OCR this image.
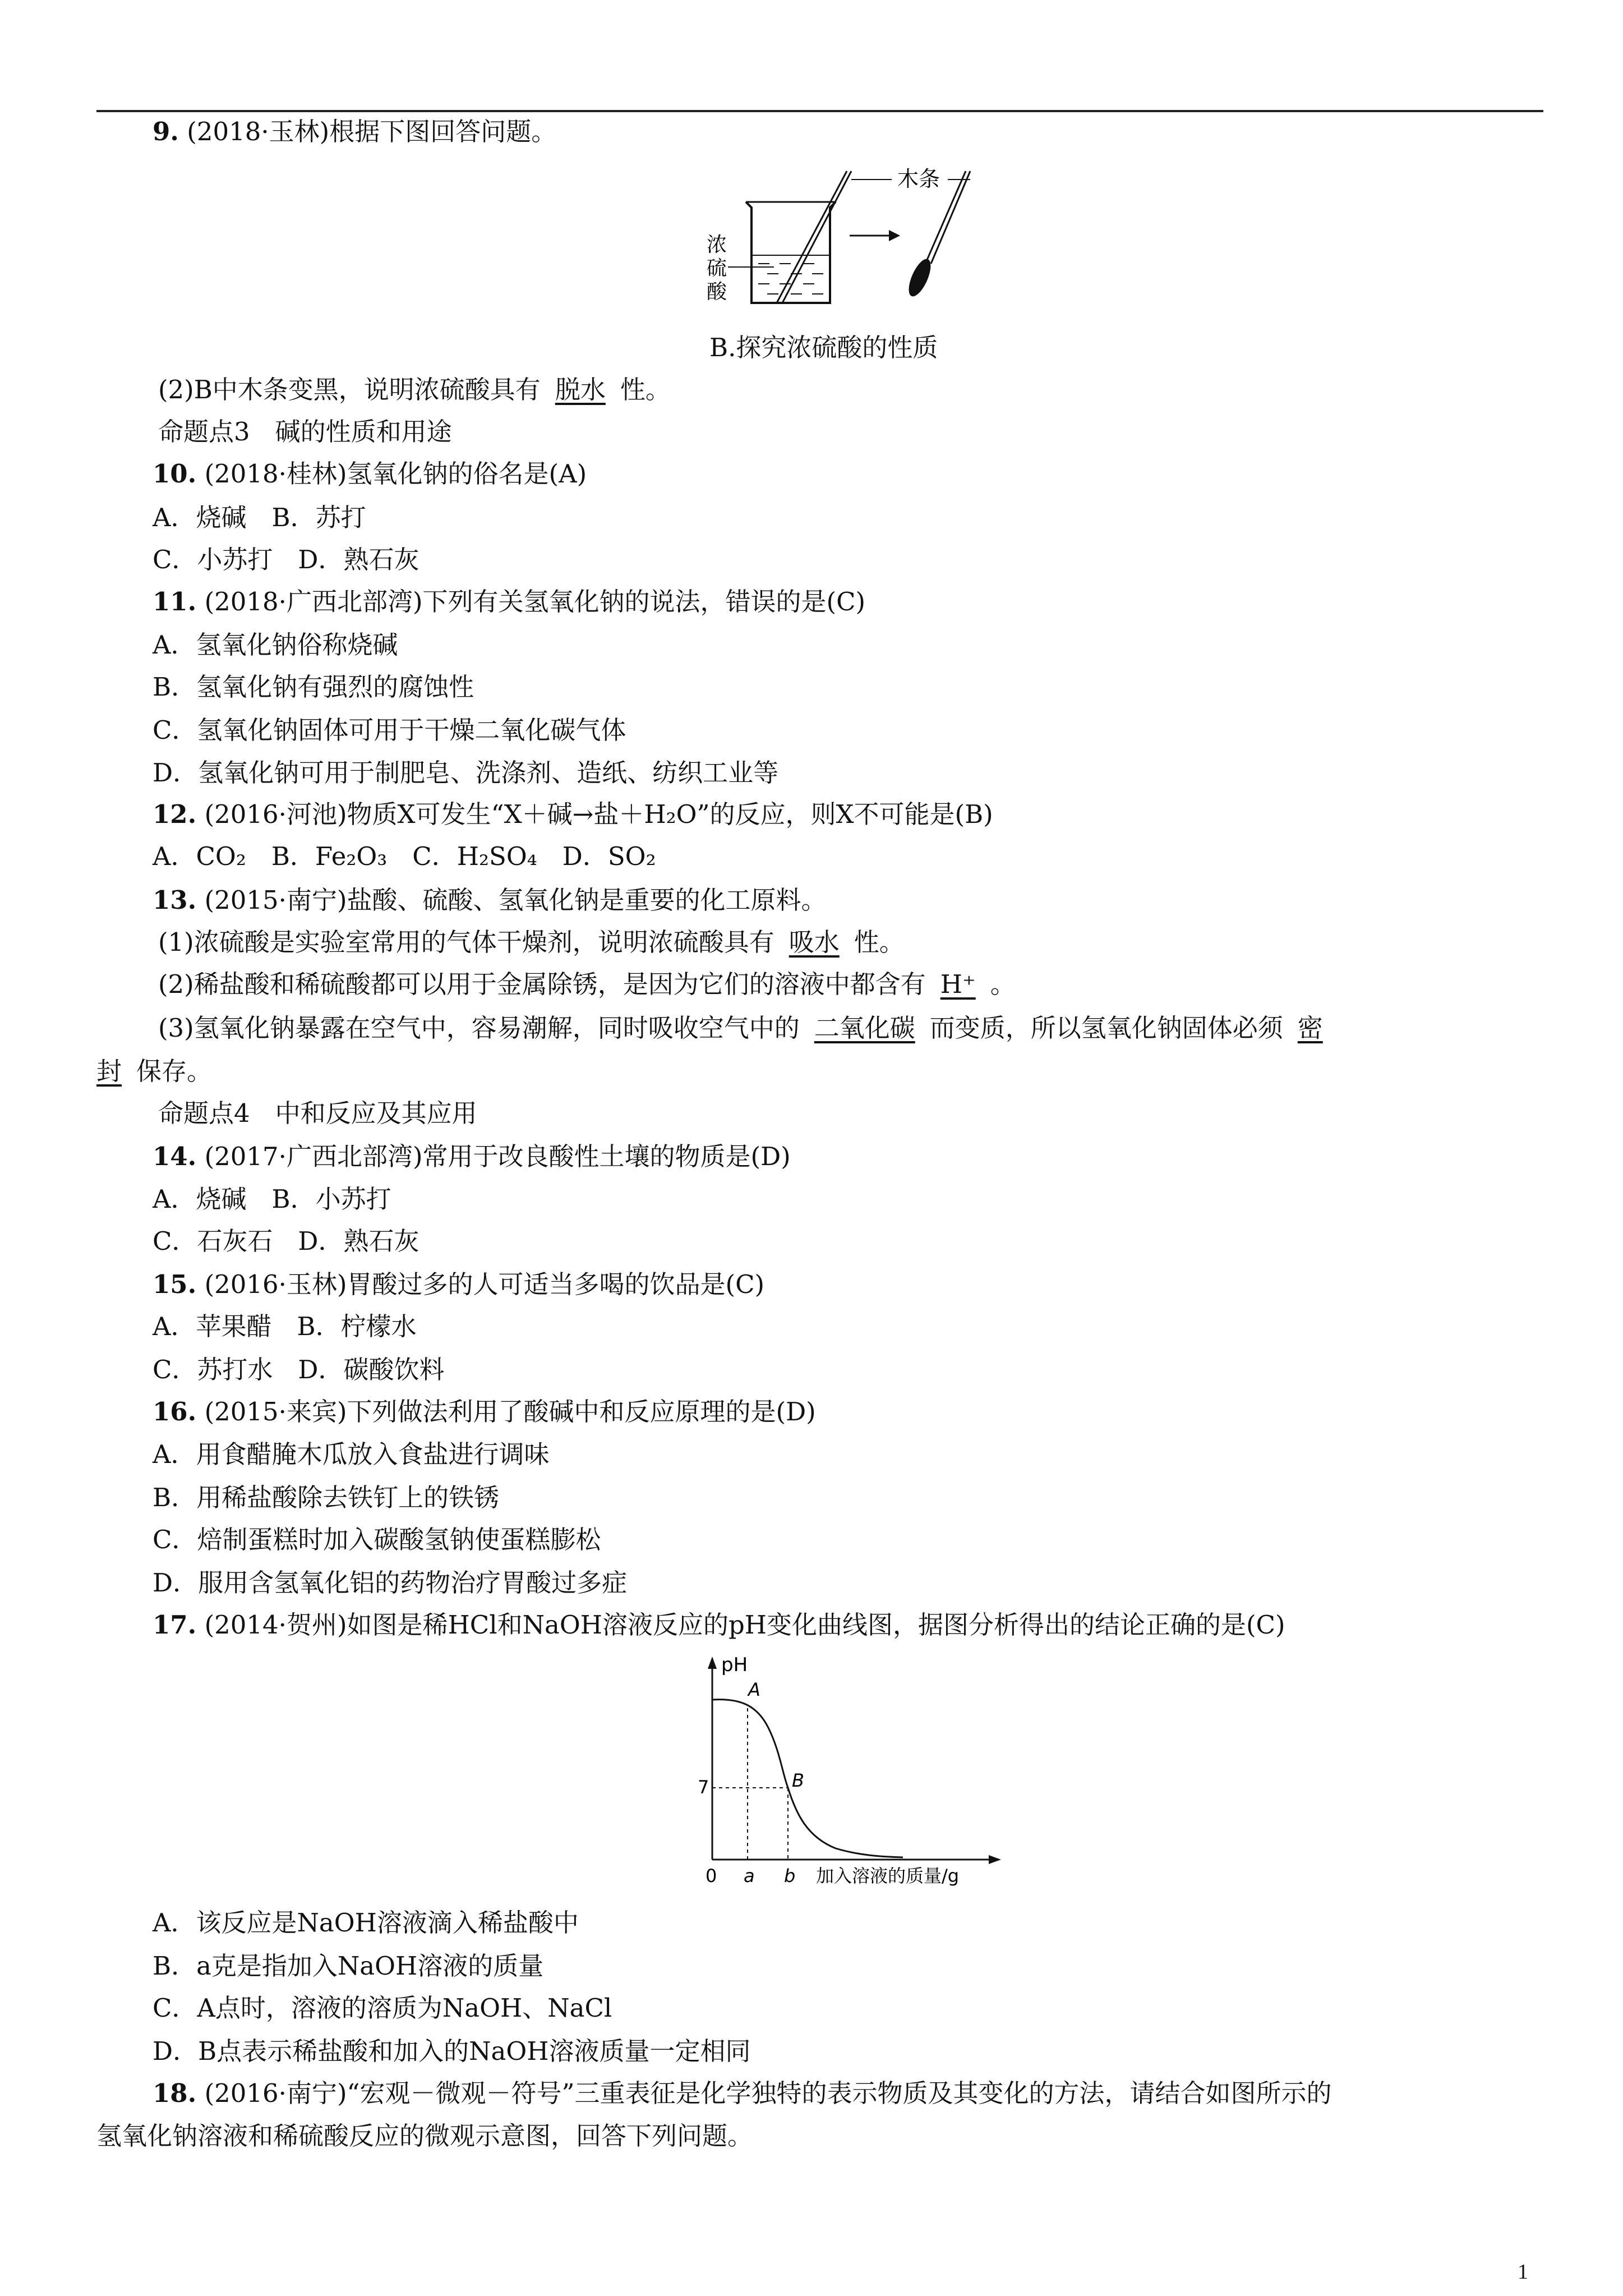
9. (2018·玉林)根据下图回答问题。
木条
浓
硫
酸
B.探究浓硫酸的性质
(2)B中木条变黑，说明浓硫酸具有 脱水 性。
命题点3　碱的性质和用途
10. (2018·桂林)氢氧化钠的俗名是(A)
A．烧碱　B．苏打
C．小苏打　D．熟石灰
11. (2018·广西北部湾)下列有关氢氧化钠的说法，错误的是(C)
A．氢氧化钠俗称烧碱
B．氢氧化钠有强烈的腐蚀性
C．氢氧化钠固体可用于干燥二氧化碳气体
D．氢氧化钠可用于制肥皂、洗涤剂、造纸、纺织工业等
12. (2016·河池)物质X可发生“X＋碱→盐＋H₂O”的反应，则X不可能是(B)
A．CO₂　B．Fe₂O₃　C．H₂SO₄　D．SO₂
13. (2015·南宁)盐酸、硫酸、氢氧化钠是重要的化工原料。
(1)浓硫酸是实验室常用的气体干燥剂，说明浓硫酸具有 吸水 性。
(2)稀盐酸和稀硫酸都可以用于金属除锈，是因为它们的溶液中都含有 H⁺ 。
(3)氢氧化钠暴露在空气中，容易潮解，同时吸收空气中的 二氧化碳 而变质，所以氢氧化钠固体必须 密
封 保存。
命题点4　中和反应及其应用
14. (2017·广西北部湾)常用于改良酸性土壤的物质是(D)
A．烧碱　B．小苏打
C．石灰石　D．熟石灰
15. (2016·玉林)胃酸过多的人可适当多喝的饮品是(C)
A．苹果醋　B．柠檬水
C．苏打水　D．碳酸饮料
16. (2015·来宾)下列做法利用了酸碱中和反应原理的是(D)
A．用食醋腌木瓜放入食盐进行调味
B．用稀盐酸除去铁钉上的铁锈
C．焙制蛋糕时加入碳酸氢钠使蛋糕膨松
D．服用含氢氧化铝的药物治疗胃酸过多症
17. (2014·贺州)如图是稀HCl和NaOH溶液反应的pH变化曲线图，据图分析得出的结论正确的是(C)
pH
7
0 a b 加入溶液的质量/g
A
B
A．该反应是NaOH溶液滴入稀盐酸中
B．a克是指加入NaOH溶液的质量
C．A点时，溶液的溶质为NaOH、NaCl
D．B点表示稀盐酸和加入的NaOH溶液质量一定相同
18. (2016·南宁)“宏观－微观－符号”三重表征是化学独特的表示物质及其变化的方法，请结合如图所示的
氢氧化钠溶液和稀硫酸反应的微观示意图，回答下列问题。
1
